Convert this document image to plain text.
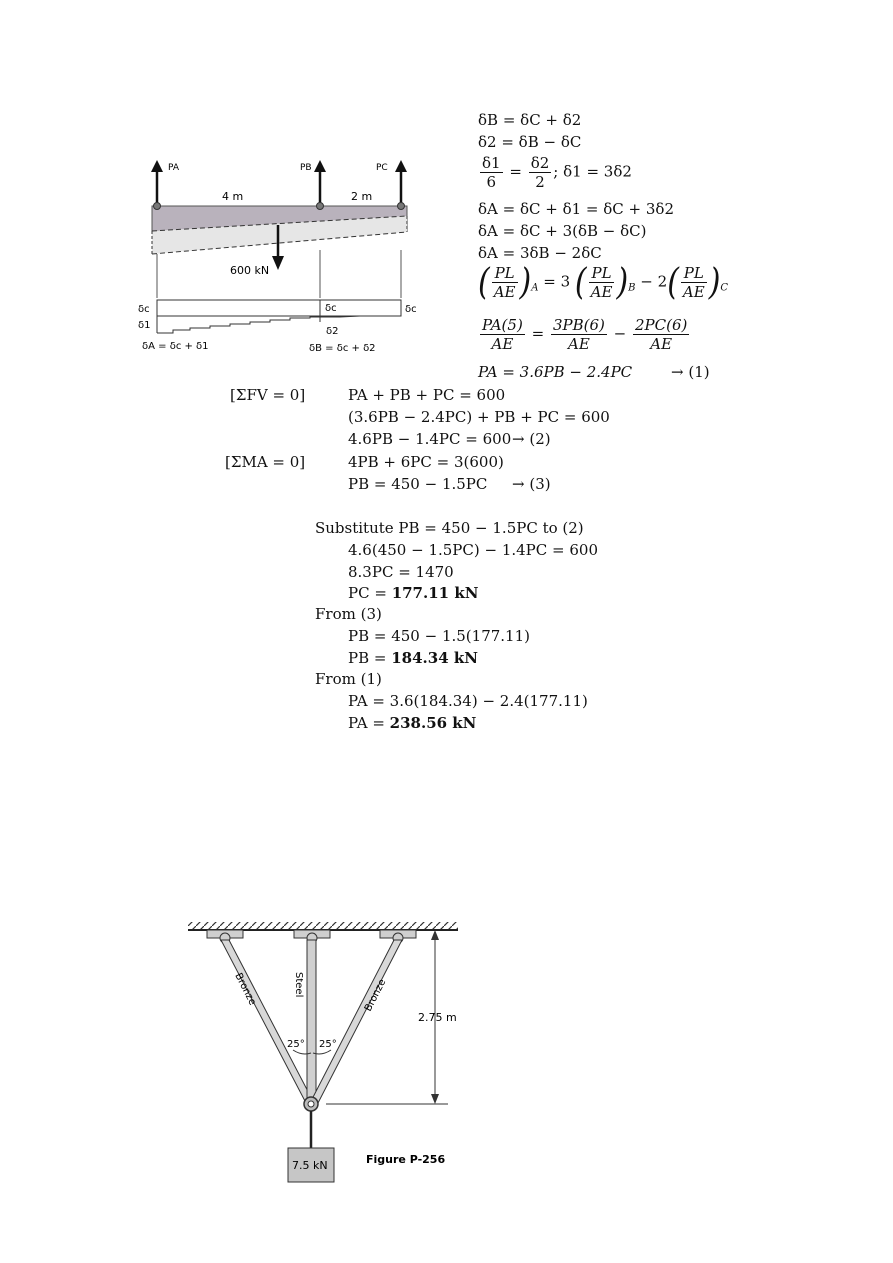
PA	PB	PC
4 m	2 m
600 kN
δc
δ1
δc	δc
δ2
δA = δc + δ1	δB = δc + δ2
δB = δC + δ2
δ2 = δB − δC
$\frac{\delta 1}{6} = \frac{\delta 2}{2}$ ; δ1 = 3δ2
δA = δC + δ1 = δC + 3δ2
δA = δC + 3(δB − δC)
δA = 3δB − 2δC
( $\frac{PL}{AE} )_A = 3$ ( $\frac{PL}{AE} )_B - 2( \frac{PL}{AE} )_C$
$\frac{PA(5)}{AE} = \frac{3PB(6)}{AE} - \frac{2PC(6)}{AE}$
PA = 3.6PB − 2.4PC	→ (1)
[ΣFV = 0]	PA + PB + PC = 600
(3.6PB − 2.4PC) + PB + PC = 600
4.6PB − 1.4PC = 600 → (2)
[ΣMA = 0]	4PB + 6PC = 3(600)
PB = 450 − 1.5PC → (3)
Substitute PB = 450 − 1.5PC to (2)
4.6(450 − 1.5PC) − 1.4PC = 600
8.3PC = 1470
PC = 177.11 kN
From (3)
PB = 450 − 1.5(177.11)
PB = 184.34 kN
From (1)
PA = 3.6(184.34) − 2.4(177.11)
PA = 238.56 kN
Bronze	Steel	Bronze
25° 25°
7.5 kN	Figure P-256
2.75 m
